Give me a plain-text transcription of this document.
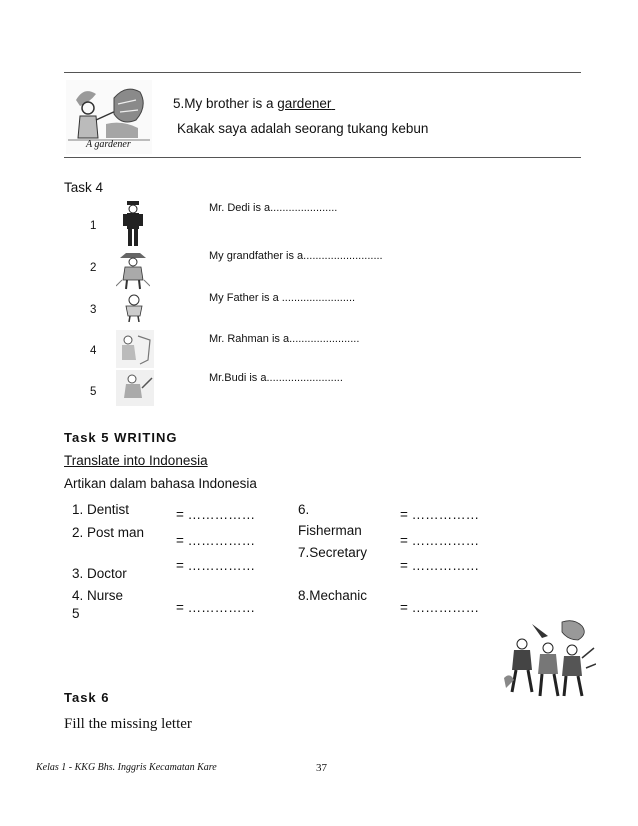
A gardener
5.My brother is a gardener
Kakak saya adalah seorang tukang kebun
Task 4
1
2
3
4
5
Mr. Dedi is a......................
My grandfather is a..........................
My Father is a ........................
Mr. Rahman is a.......................
Mr.Budi is a.........................
Task 5 WRITING
Translate into Indonesia
Artikan dalam bahasa Indonesia
1. Dentist
2. Post man
3. Doctor
4. Nurse
5
= ……………
= ……………
= ……………
= ……………
6.
Fisherman
7.Secretary
8.Mechanic
= ……………
= ……………
= ……………
= ……………
Task 6
Fill the missing letter
Kelas 1 - KKG Bhs. Inggris Kecamatan Kare	37
